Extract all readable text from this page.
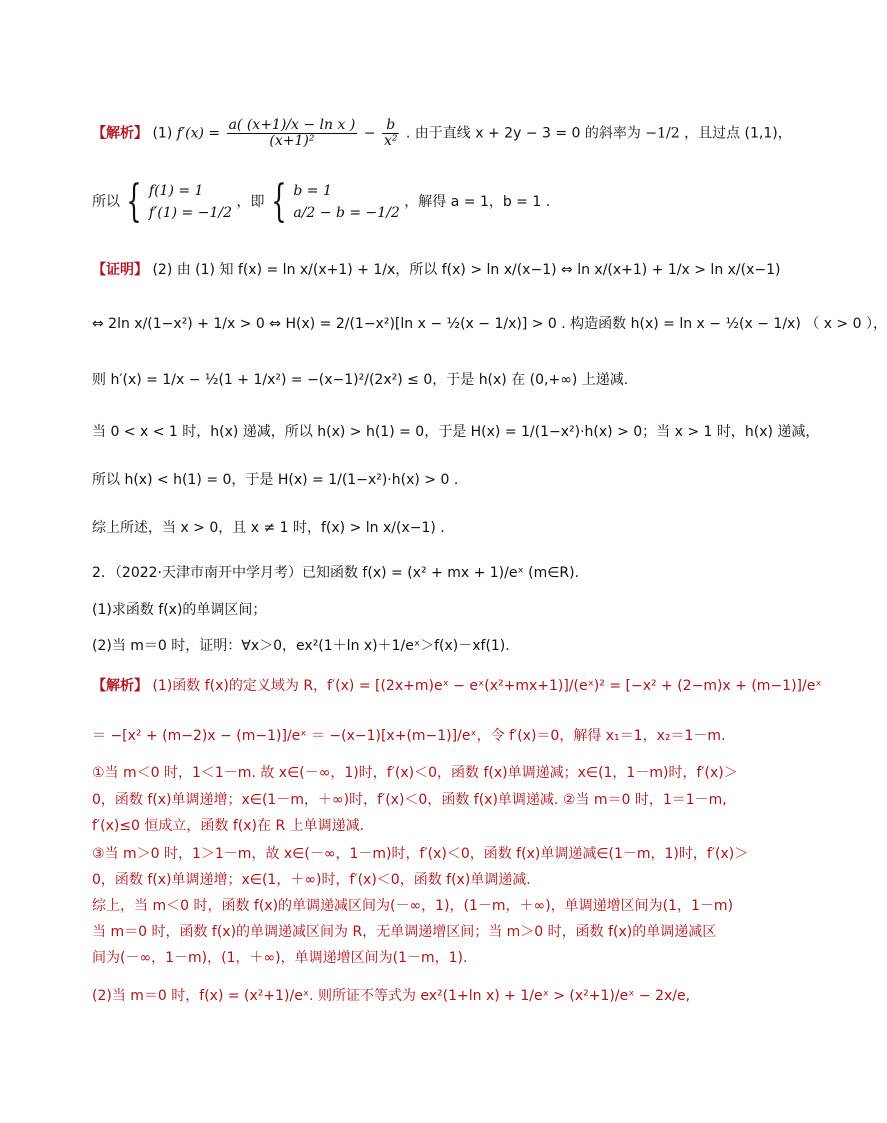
【解析】 (1) $f'(x) = \frac{\text{a( (x+1)/x − ln x )}}{\text{(x+1)²}} - \frac{b}{\text{x²}}$ . 由于直线 x + 2y − 3 = 0 的斜率为 −1/2 ，且过点 (1,1)，
所以 { f(1) = 1
f′(1) = −1/2
，即 { b = 1
a/2 − b = −1/2
，解得 a = 1，b = 1 .
【证明】 (2) 由 (1) 知 f(x) = ln x/(x+1) + 1/x，所以 f(x) > ln x/(x−1) ⇔ ln x/(x+1) + 1/x > ln x/(x−1)
⇔ 2ln x/(1−x²) + 1/x > 0 ⇔ H(x) = 2/(1−x²)[ln x − ½(x − 1/x)] > 0 . 构造函数 h(x) = ln x − ½(x − 1/x) （ x > 0 ），
则 h′(x) = 1/x − ½(1 + 1/x²) = −(x−1)²/(2x²) ≤ 0，于是 h(x) 在 (0,+∞) 上递减.
当 0 < x < 1 时，h(x) 递减，所以 h(x) > h(1) = 0，于是 H(x) = 1/(1−x²)·h(x) > 0；当 x > 1 时，h(x) 递减，
所以 h(x) < h(1) = 0，于是 H(x) = 1/(1−x²)·h(x) > 0 .
综上所述，当 x > 0，且 x ≠ 1 时，f(x) > ln x/(x−1) .
2．（2022·天津市南开中学月考）已知函数 f(x) = (x² + mx + 1)/eˣ (m∈R).
(1)求函数 f(x)的单调区间；
(2)当 m＝0 时，证明：∀x＞0，ex²(1＋ln x)＋1/eˣ＞f(x)－xf(1).
【解析】 (1)函数 f(x)的定义域为 R，f′(x) = [(2x+m)eˣ − eˣ(x²+mx+1)]/(eˣ)² = [−x² + (2−m)x + (m−1)]/eˣ
＝ −[x² + (m−2)x − (m−1)]/eˣ ＝ −(x−1)[x+(m−1)]/eˣ，令 f′(x)＝0，解得 x₁＝1，x₂＝1－m.
①当 m＜0 时，1＜1－m. 故 x∈(－∞，1)时，f′(x)＜0，函数 f(x)单调递减；x∈(1，1－m)时，f′(x)＞
0，函数 f(x)单调递增；x∈(1－m，＋∞)时，f′(x)＜0，函数 f(x)单调递减. ②当 m＝0 时，1＝1－m,
f′(x)≤0 恒成立，函数 f(x)在 R 上单调递减.
③当 m＞0 时，1＞1－m，故 x∈(－∞，1－m)时，f′(x)＜0，函数 f(x)单调递减∈(1－m，1)时，f′(x)＞
0，函数 f(x)单调递增；x∈(1，＋∞)时，f′(x)＜0，函数 f(x)单调递减.
综上，当 m＜0 时，函数 f(x)的单调递减区间为(－∞，1)，(1－m，＋∞)，单调递增区间为(1，1－m)
当 m＝0 时，函数 f(x)的单调递减区间为 R，无单调递增区间；当 m＞0 时，函数 f(x)的单调递减区
间为(－∞，1－m)，(1，＋∞)，单调递增区间为(1－m，1).
(2)当 m＝0 时，f(x) = (x²+1)/eˣ. 则所证不等式为 ex²(1+ln x) + 1/eˣ > (x²+1)/eˣ − 2x/e,
